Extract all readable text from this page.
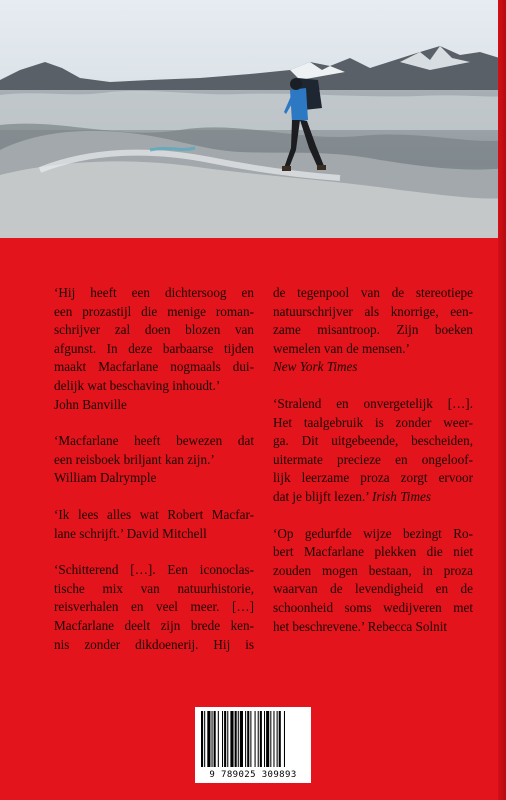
‘Hij heeft een dichtersoog en
een prozastijl die menige roman-
schrijver zal doen blozen van
afgunst. In deze barbaarse tijden
maakt Macfarlane nogmaals dui-
delijk wat beschaving inhoudt.’
John Banville
‘Macfarlane heeft bewezen dat
een reisboek briljant kan zijn.’
William Dalrymple
‘Ik lees alles wat Robert Macfar-
lane schrijft.’ David Mitchell
‘Schitterend […]. Een iconoclas-
tische mix van natuurhistorie,
reisverhalen en veel meer. […]
Macfarlane deelt zijn brede ken-
nis zonder dikdoenerij. Hij is
de tegenpool van de stereotiepe
natuurschrijver als knorrige, een-
zame misantroop. Zijn boeken
wemelen van de mensen.’
New York Times
‘Stralend en onvergetelijk […].
Het taalgebruik is zonder weer-
ga. Dit uitgebeende, bescheiden,
uitermate precieze en ongeloof-
lijk leerzame proza zorgt ervoor
dat je blijft lezen.’ Irish Times
‘Op gedurfde wijze bezingt Ro-
bert Macfarlane plekken die niet
zouden mogen bestaan, in proza
waarvan de levendigheid en de
schoonheid soms wedijveren met
het beschrevene.’ Rebecca Solnit
9 789025 309893
